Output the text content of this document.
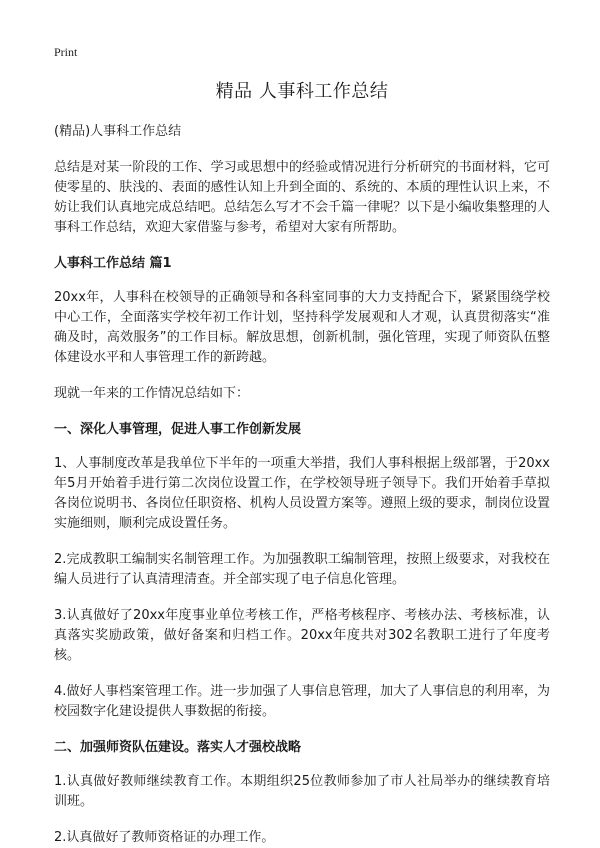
Print
精品 人事科工作总结

(精品)人事科工作总结

总结是对某一阶段的工作、学习或思想中的经验或情况进行分析研究的书面材料，它可使零星的、肤浅的、表面的感性认知上升到全面的、系统的、本质的理性认识上来，不妨让我们认真地完成总结吧。总结怎么写才不会千篇一律呢？以下是小编收集整理的人事科工作总结，欢迎大家借鉴与参考，希望对大家有所帮助。

人事科工作总结 篇1

20xx年，人事科在校领导的正确领导和各科室同事的大力支持配合下，紧紧围绕学校中心工作，全面落实学校年初工作计划，坚持科学发展观和人才观，认真贯彻落实“准确及时，高效服务”的工作目标。解放思想，创新机制，强化管理，实现了师资队伍整体建设水平和人事管理工作的新跨越。

现就一年来的工作情况总结如下：

一、深化人事管理，促进人事工作创新发展

1、人事制度改革是我单位下半年的一项重大举措，我们人事科根据上级部署，于20xx年5月开始着手进行第二次岗位设置工作，在学校领导班子领导下。我们开始着手草拟各岗位说明书、各岗位任职资格、机构人员设置方案等。遵照上级的要求，制岗位设置实施细则，顺利完成设置任务。

2.完成教职工编制实名制管理工作。为加强教职工编制管理，按照上级要求，对我校在编人员进行了认真清理清查。并全部实现了电子信息化管理。

3.认真做好了20xx年度事业单位考核工作，严格考核程序、考核办法、考核标准，认真落实奖励政策，做好备案和归档工作。20xx年度共对302名教职工进行了年度考核。

4.做好人事档案管理工作。进一步加强了人事信息管理，加大了人事信息的利用率，为校园数字化建设提供人事数据的衔接。

二、加强师资队伍建设。落实人才强校战略

1.认真做好教师继续教育工作。本期组织25位教师参加了市人社局举办的继续教育培训班。

2.认真做好了教师资格证的办理工作。
